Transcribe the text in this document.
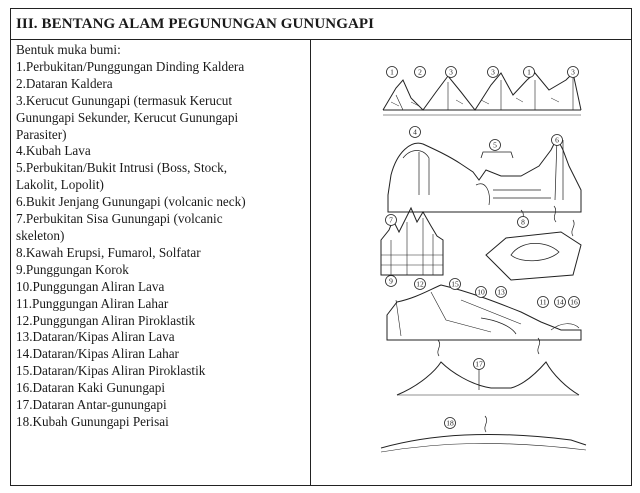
III. BENTANG ALAM PEGUNUNGAN GUNUNGAPI
Bentuk muka bumi:
1.Perbukitan/Punggungan Dinding Kaldera
2.Dataran Kaldera
3.Kerucut Gunungapi (termasuk Kerucut
Gunungapi Sekunder, Kerucut Gunungapi
Parasiter)
4.Kubah Lava
5.Perbukitan/Bukit Intrusi (Boss, Stock,
Lakolit, Lopolit)
6.Bukit Jenjang Gunungapi (volcanic neck)
7.Perbukitan Sisa Gunungapi (volcanic
skeleton)
8.Kawah Erupsi, Fumarol, Solfatar
9.Punggungan Korok
10.Punggungan Aliran Lava
11.Punggungan Aliran Lahar
12.Punggungan Aliran Piroklastik
13.Dataran/Kipas Aliran Lava
14.Dataran/Kipas Aliran Lahar
15.Dataran/Kipas Aliran Piroklastik
16.Dataran Kaki Gunungapi
17.Dataran Antar-gunungapi
18.Kubah Gunungapi Perisai
1	2	3	3	1	3
4
5
6
7	8
9	12	15
10 13
11 14 16
17
18
